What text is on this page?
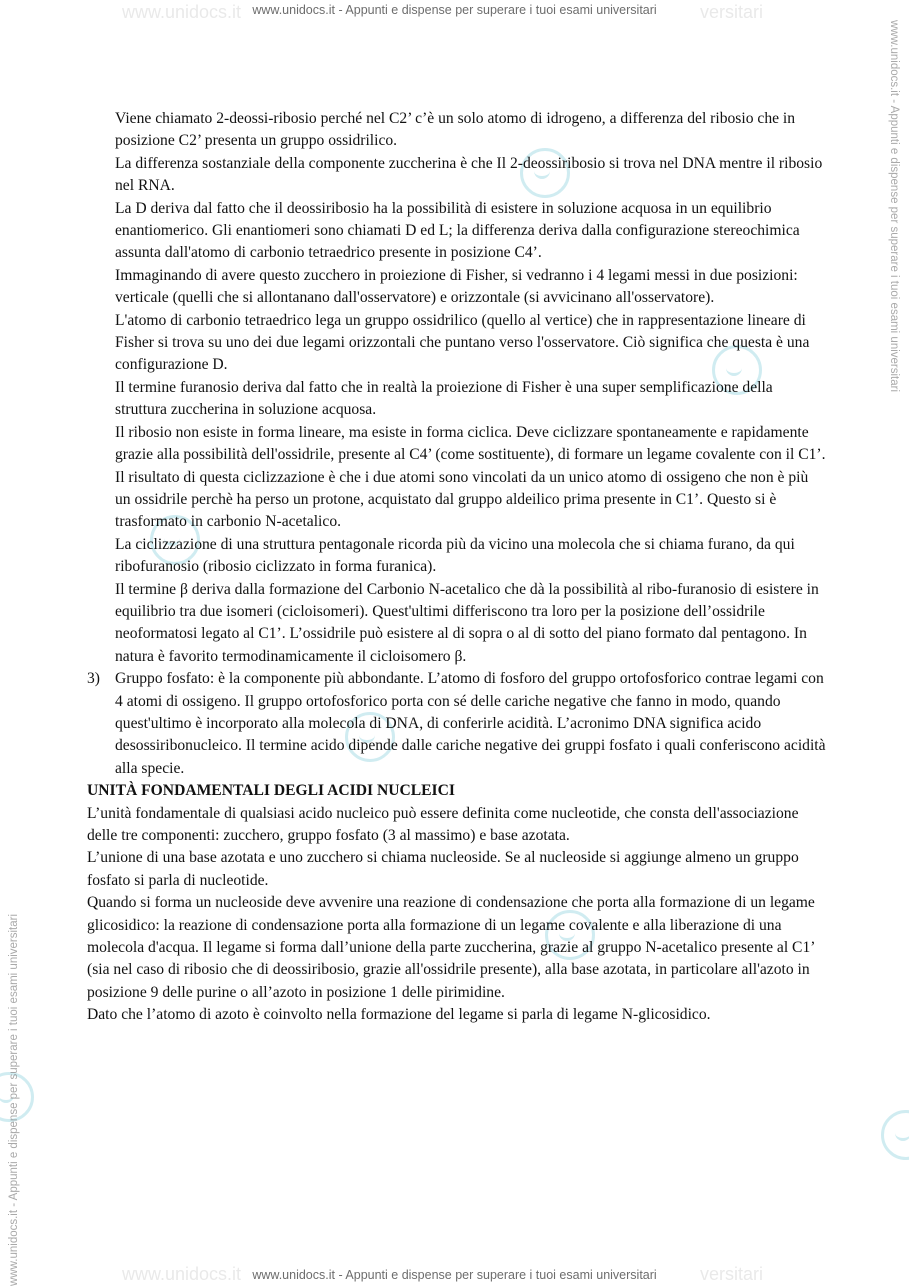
www.unidocs.it	versitari
www.unidocs.it	versitari
www.unidocs.it - Appunti e dispense per superare i tuoi esami universitari
www.unidocs.it - Appunti e dispense per superare i tuoi esami universitari
www.unidocs.it - Appunti e dispense per superare i tuoi esami universitari
www.unidocs.it - Appunti e dispense per superare i tuoi esami universitari

Viene chiamato 2-deossi-ribosio perché nel C2’ c’è un solo atomo di idrogeno, a differenza del ribosio che in posizione C2’ presenta un gruppo ossidrilico.

La differenza sostanziale della componente zuccherina è che Il 2-deossiribosio si trova nel DNA mentre il ribosio nel RNA.

La D deriva dal fatto che il deossiribosio ha la possibilità di esistere in soluzione acquosa in un equilibrio enantiomerico. Gli enantiomeri sono chiamati D ed L; la differenza deriva dalla configurazione stereochimica assunta dall'atomo di carbonio tetraedrico presente in posizione C4’.

Immaginando di avere questo zucchero in proiezione di Fisher, si vedranno i 4 legami messi in due posizioni: verticale (quelli che si allontanano dall'osservatore) e orizzontale (si avvicinano all'osservatore).

L'atomo di carbonio tetraedrico lega un gruppo ossidrilico (quello al vertice) che in rappresentazione lineare di Fisher si trova su uno dei due legami orizzontali che puntano verso l'osservatore. Ciò significa che questa è una configurazione D.

Il termine furanosio deriva dal fatto che in realtà la proiezione di Fisher è una super semplificazione della struttura zuccherina in soluzione acquosa.

Il ribosio non esiste in forma lineare, ma esiste in forma ciclica. Deve ciclizzare spontaneamente e rapidamente grazie alla possibilità dell'ossidrile, presente al C4’ (come sostituente), di formare un legame covalente con il C1’. Il risultato di questa ciclizzazione è che i due atomi sono vincolati da un unico atomo di ossigeno che non è più un ossidrile perchè ha perso un protone, acquistato dal gruppo aldeilico prima presente in C1’. Questo si è trasformato in carbonio N-acetalico.

La ciclizzazione di una struttura pentagonale ricorda più da vicino una molecola che si chiama furano, da qui ribofuranosio (ribosio ciclizzato in forma furanica).

Il termine β deriva dalla formazione del Carbonio N-acetalico che dà la possibilità al ribo-furanosio di esistere in equilibrio tra due isomeri (cicloisomeri). Quest'ultimi differiscono tra loro per la posizione dell’ossidrile neoformatosi legato al C1’. L’ossidrile può esistere al di sopra o al di sotto del piano formato dal pentagono. In natura è favorito termodinamicamente il cicloisomero β.

3) Gruppo fosfato: è la componente più abbondante. L’atomo di fosforo del gruppo ortofosforico contrae legami con 4 atomi di ossigeno. Il gruppo ortofosforico porta con sé delle cariche negative che fanno in modo, quando quest'ultimo è incorporato alla molecola di DNA, di conferirle acidità. L’acronimo DNA significa acido desossiribonucleico. Il termine acido dipende dalle cariche negative dei gruppi fosfato i quali conferiscono acidità alla specie.

UNITÀ FONDAMENTALI DEGLI ACIDI NUCLEICI

L’unità fondamentale di qualsiasi acido nucleico può essere definita come nucleotide, che consta dell'associazione delle tre componenti: zucchero, gruppo fosfato (3 al massimo) e base azotata.

L’unione di una base azotata e uno zucchero si chiama nucleoside. Se al nucleoside si aggiunge almeno un gruppo fosfato si parla di nucleotide.

Quando si forma un nucleoside deve avvenire una reazione di condensazione che porta alla formazione di un legame glicosidico: la reazione di condensazione porta alla formazione di un legame covalente e alla liberazione di una molecola d'acqua. Il legame si forma dall’unione della parte zuccherina, grazie al gruppo N-acetalico presente al C1’ (sia nel caso di ribosio che di deossiribosio, grazie all'ossidrile presente), alla base azotata, in particolare all'azoto in posizione 9 delle purine o all’azoto in posizione 1 delle pirimidine.

Dato che l’atomo di azoto è coinvolto nella formazione del legame si parla di legame N-glicosidico.
